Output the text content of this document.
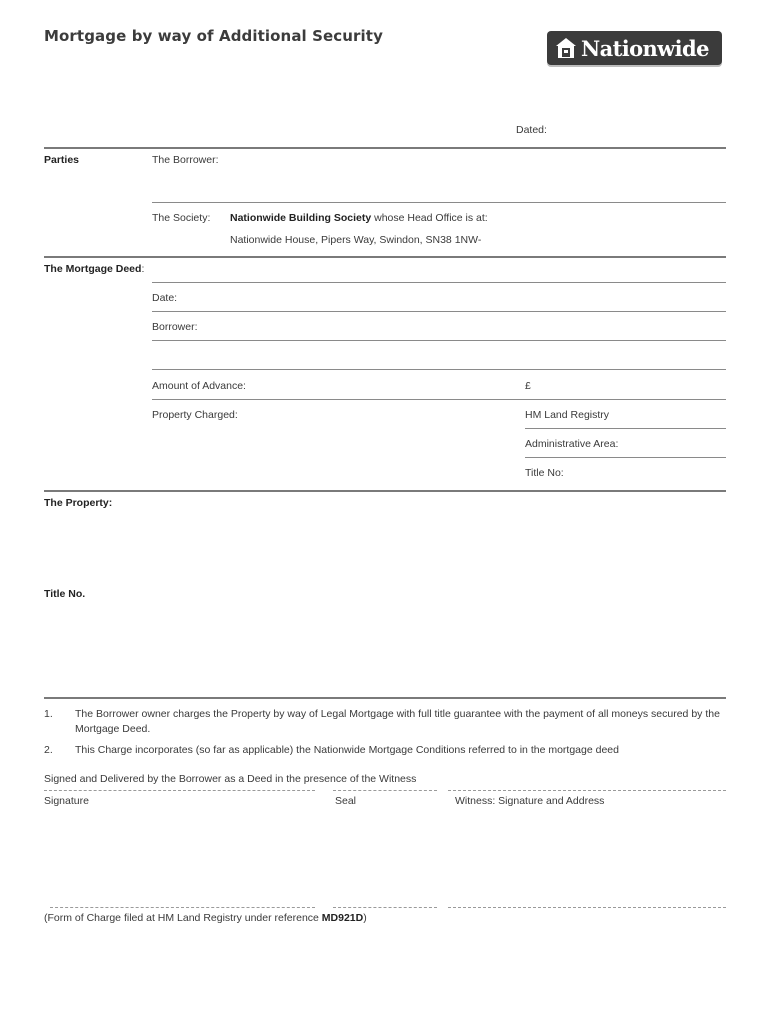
Mortgage by way of Additional Security	Nationwide
Dated:
Parties	The Borrower:
The Society: Nationwide Building Society whose Head Office is at:
Nationwide House, Pipers Way, Swindon, SN38 1NW-
The Mortgage Deed:
Date:
Borrower:
Amount of Advance:	£
Property Charged:	HM Land Registry
Administrative Area:
Title No:
The Property:
Title No.
1. The Borrower owner charges the Property by way of Legal Mortgage with full title guarantee with the payment of all moneys secured by the Mortgage Deed.
2. This Charge incorporates (so far as applicable) the Nationwide Mortgage Conditions referred to in the mortgage deed
Signed and Delivered by the Borrower as a Deed in the presence of the Witness
Signature	Seal	Witness: Signature and Address
(Form of Charge filed at HM Land Registry under reference MD921D)
